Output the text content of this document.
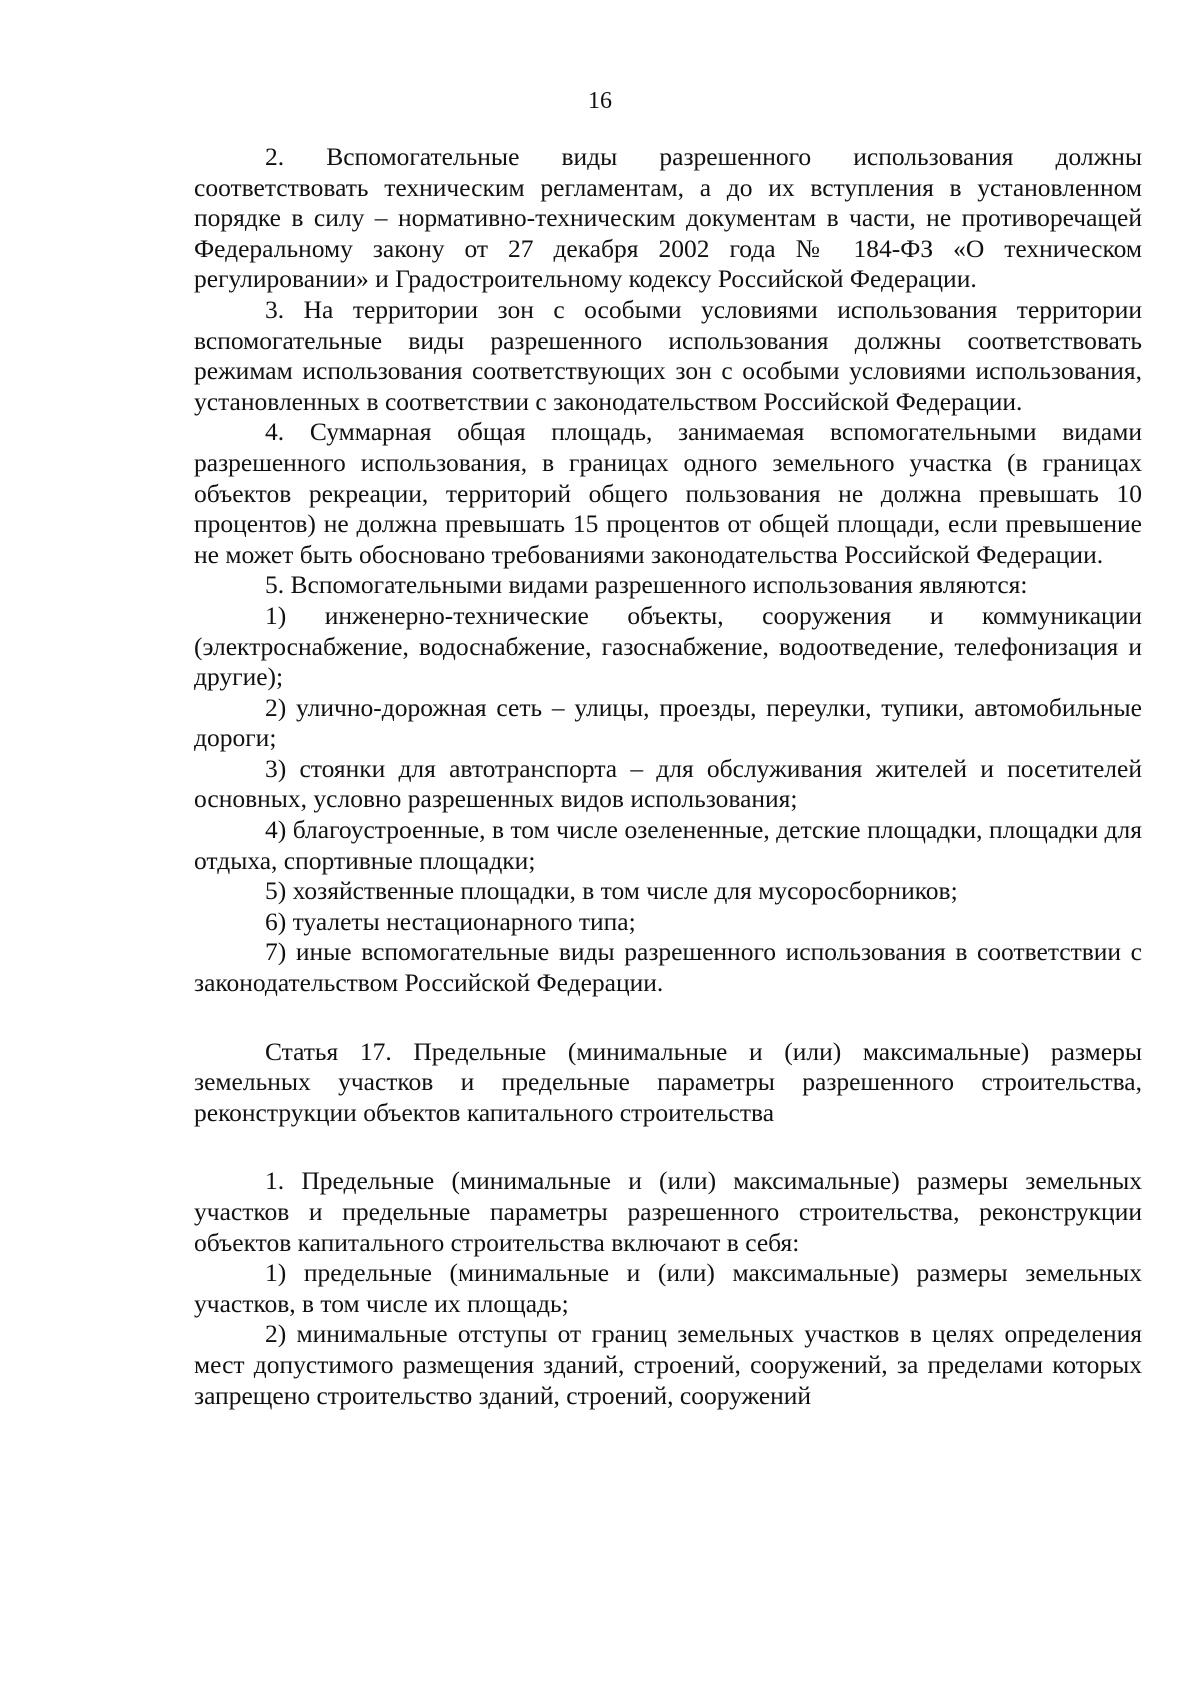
16

2. Вспомогательные виды разрешенного использования должны соответствовать техническим регламентам, а до их вступления в установленном порядке в силу – нормативно-техническим документам в части, не противоречащей Федеральному закону от 27 декабря 2002 года № 184-ФЗ «О техническом регулировании» и Градостроительному кодексу Российской Федерации.

3. На территории зон с особыми условиями использования территории вспомогательные виды разрешенного использования должны соответствовать режимам использования соответствующих зон с особыми условиями использования, установленных в соответствии с законодательством Российской Федерации.

4. Суммарная общая площадь, занимаемая вспомогательными видами разрешенного использования, в границах одного земельного участка (в границах объектов рекреации, территорий общего пользования не должна превышать 10 процентов) не должна превышать 15 процентов от общей площади, если превышение не может быть обосновано требованиями законодательства Российской Федерации.

5. Вспомогательными видами разрешенного использования являются:

1) инженерно-технические объекты, сооружения и коммуникации (электроснабжение, водоснабжение, газоснабжение, водоотведение, телефонизация и другие);

2) улично-дорожная сеть – улицы, проезды, переулки, тупики, автомобильные дороги;

3) стоянки для автотранспорта – для обслуживания жителей и посетителей основных, условно разрешенных видов использования;

4) благоустроенные, в том числе озелененные, детские площадки, площадки для отдыха, спортивные площадки;

5) хозяйственные площадки, в том числе для мусоросборников;

6) туалеты нестационарного типа;

7) иные вспомогательные виды разрешенного использования в соответствии с законодательством Российской Федерации.

Статья 17. Предельные (минимальные и (или) максимальные) размеры земельных участков и предельные параметры разрешенного строительства, реконструкции объектов капитального строительства

1. Предельные (минимальные и (или) максимальные) размеры земельных участков и предельные параметры разрешенного строительства, реконструкции объектов капитального строительства включают в себя:

1) предельные (минимальные и (или) максимальные) размеры земельных участков, в том числе их площадь;

2) минимальные отступы от границ земельных участков в целях определения мест допустимого размещения зданий, строений, сооружений, за пределами которых запрещено строительство зданий, строений, сооружений
